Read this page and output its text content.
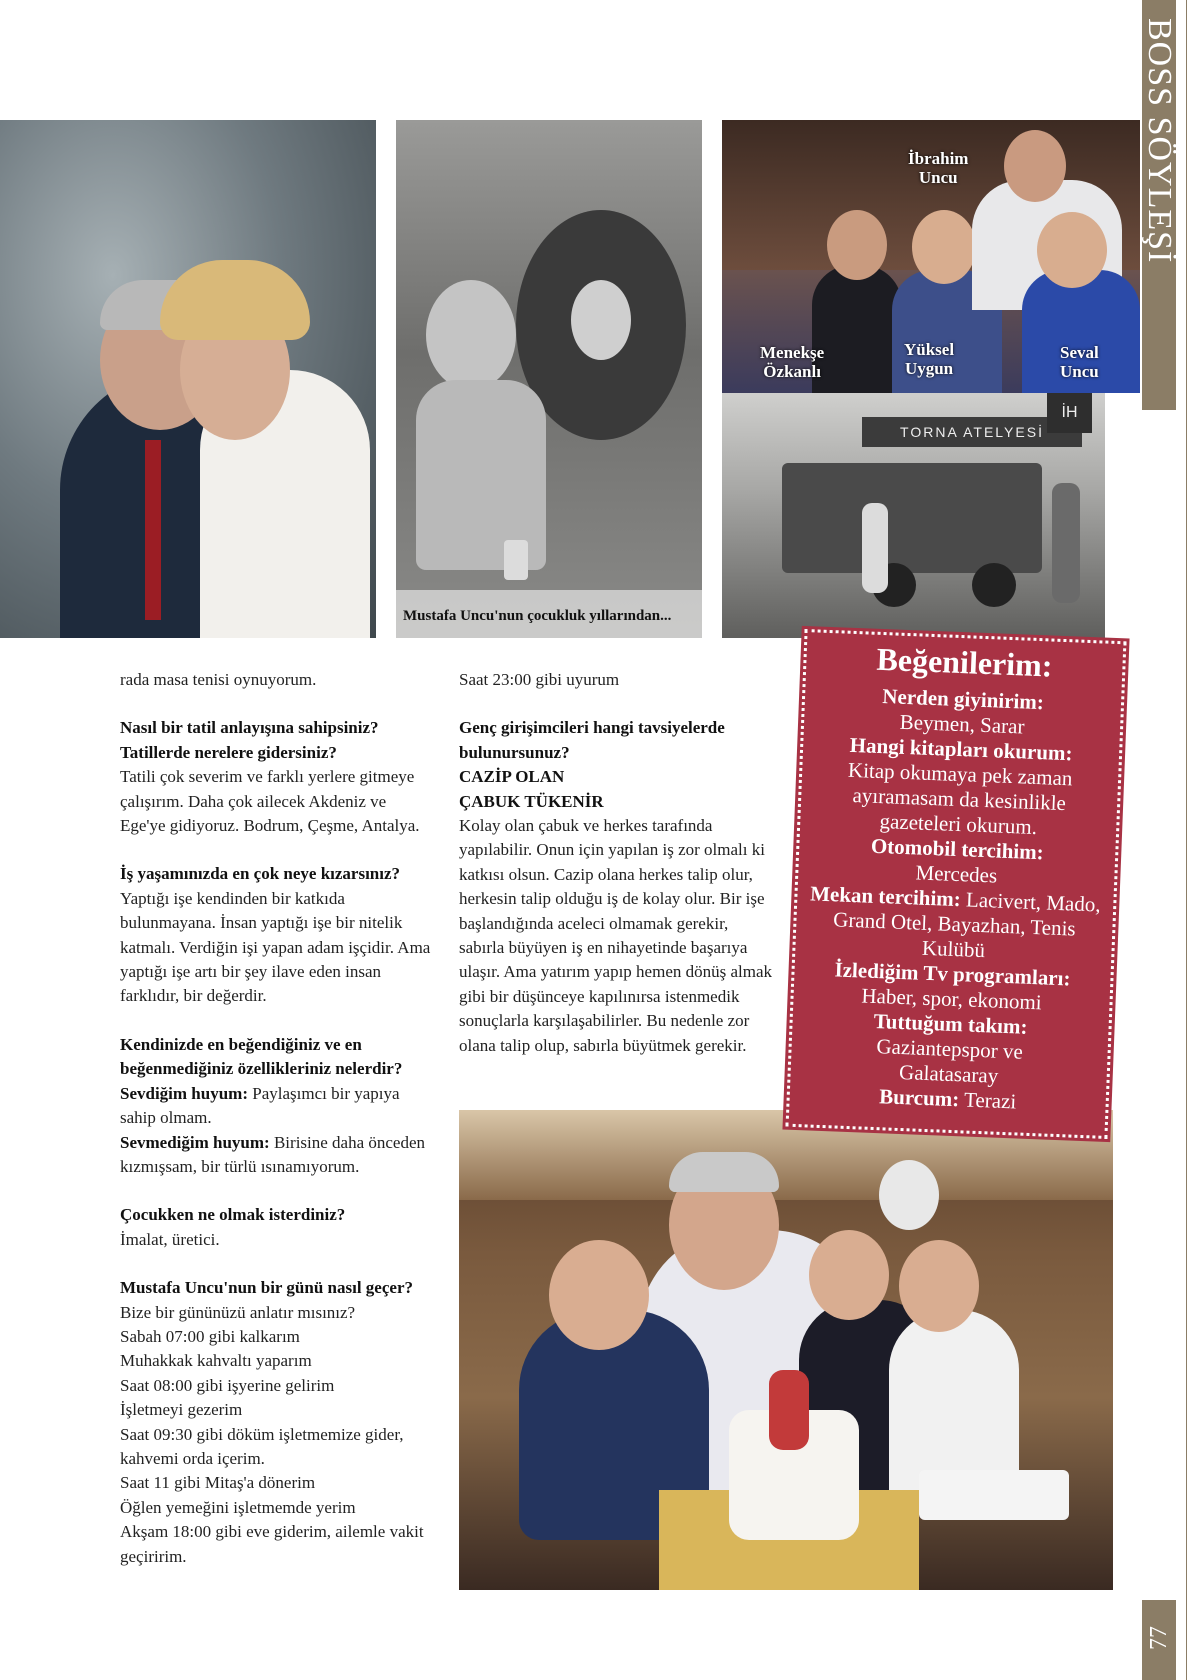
BOSS SÖYLEŞİ
77
Mustafa Uncu'nun çocukluk yıllarından...
İbrahim
Uncu
Menekşe
Özkanlı
Yüksel
Uygun
Seval
Uncu
TORNA ATELYESİ
İH

rada masa tenisi oynuyorum.

Nasıl bir tatil anlayışına sahipsiniz? Tatillerde nerelere gidersiniz?

Tatili çok severim ve farklı yerlere gitmeye çalışırım. Daha çok ailecek Akdeniz ve Ege'ye gidiyoruz. Bodrum, Çeşme, Antalya.

İş yaşamınızda en çok neye kızarsınız?

Yaptığı işe kendinden bir katkıda bulunmayana. İnsan yaptığı işe bir nitelik katmalı. Verdiğin işi yapan adam işçidir. Ama yaptığı işe artı bir şey ilave eden insan farklıdır, bir değerdir.

Kendinizde en beğendiğiniz ve en beğenmediğiniz özellikleriniz nelerdir?

Sevdiğim huyum: Paylaşımcı bir yapıya sahip olmam.

Sevmediğim huyum: Birisine daha önceden kızmışsam, bir türlü ısınamıyorum.

Çocukken ne olmak isterdiniz?

İmalat, üretici.

Mustafa Uncu'nun bir günü nasıl geçer? Bize bir gününüzü anlatır mısınız?

Sabah 07:00 gibi kalkarım

Muhakkak kahvaltı yaparım

Saat 08:00 gibi işyerine gelirim

İşletmeyi gezerim

Saat 09:30 gibi döküm işletmemize gider, kahvemi orda içerim.

Saat 11 gibi Mitaş'a dönerim

Öğlen yemeğini işletmemde yerim

Akşam 18:00 gibi eve giderim, ailemle vakit geçiririm.

Saat 23:00 gibi uyurum

Genç girişimcileri hangi tavsiyelerde bulunursunuz?

CAZİP OLAN

ÇABUK TÜKENİR

Kolay olan çabuk ve herkes tarafında yapılabilir. Onun için yapılan iş zor olmalı ki katkısı olsun. Cazip olana herkes talip olur, herkesin talip olduğu iş de kolay olur. Bir işe başlandığında aceleci olmamak gerekir, sabırla büyüyen iş en nihayetinde başarıya ulaşır. Ama yatırım yapıp hemen dönüş almak gibi bir düşünceye kapılınırsa istenmedik sonuçlarla karşılaşabilirler. Bu nedenle zor olana talip olup, sabırla büyütmek gerekir.

Beğenilerim:

Nerden giyinirim:

Beymen, Sarar

Hangi kitapları okurum:

Kitap okumaya pek zaman ayıramasam da kesinlikle gazeteleri okurum.

Otomobil tercihim:

Mercedes

Mekan tercihim: Lacivert, Mado, Grand Otel, Bayazhan, Tenis Kulübü

İzlediğim Tv programları:

Haber, spor, ekonomi

Tuttuğum takım:

Gaziantepspor ve Galatasaray

Burcum: Terazi
